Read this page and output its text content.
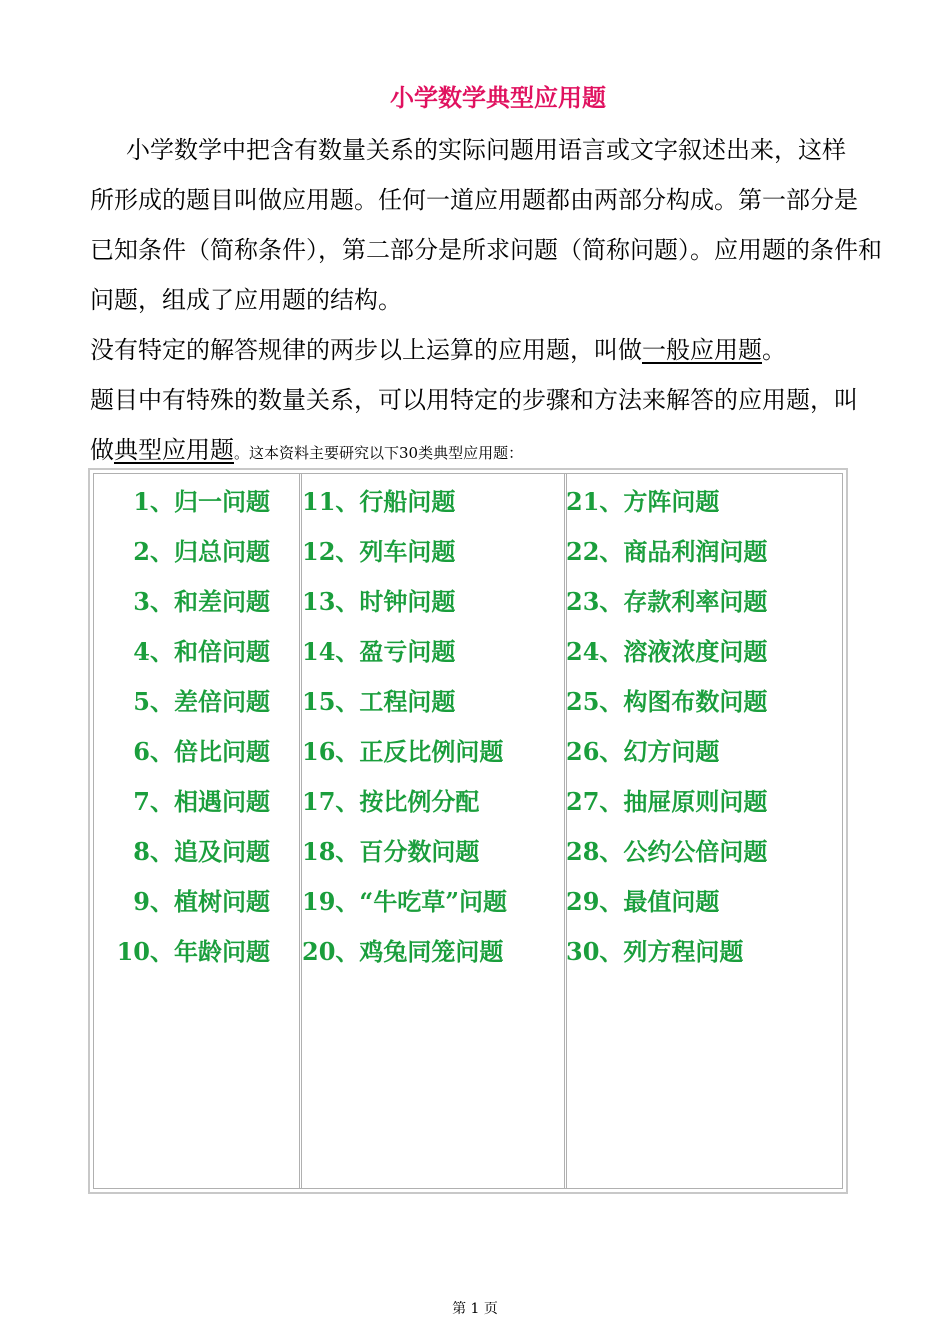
小学数学典型应用题
小学数学中把含有数量关系的实际问题用语言或文字叙述出来，这样
所形成的题目叫做应用题。任何一道应用题都由两部分构成。第一部分是
已知条件（简称条件），第二部分是所求问题（简称问题）。应用题的条件和
问题，组成了应用题的结构。
没有特定的解答规律的两步以上运算的应用题，叫做一般应用题。
题目中有特殊的数量关系，可以用特定的步骤和方法来解答的应用题，叫
做典型应用题。这本资料主要研究以下30类典型应用题：
1、归一问题
2、归总问题
3、和差问题
4、和倍问题
5、差倍问题
6、倍比问题
7、相遇问题
8、追及问题
9、植树问题
10、年龄问题
11、行船问题
12、列车问题
13、时钟问题
14、盈亏问题
15、工程问题
16、正反比例问题
17、按比例分配
18、百分数问题
19、“牛吃草”问题
20、鸡兔同笼问题
21、方阵问题
22、商品利润问题
23、存款利率问题
24、溶液浓度问题
25、构图布数问题
26、幻方问题
27、抽屉原则问题
28、公约公倍问题
29、最值问题
30、列方程问题
第 1 页
